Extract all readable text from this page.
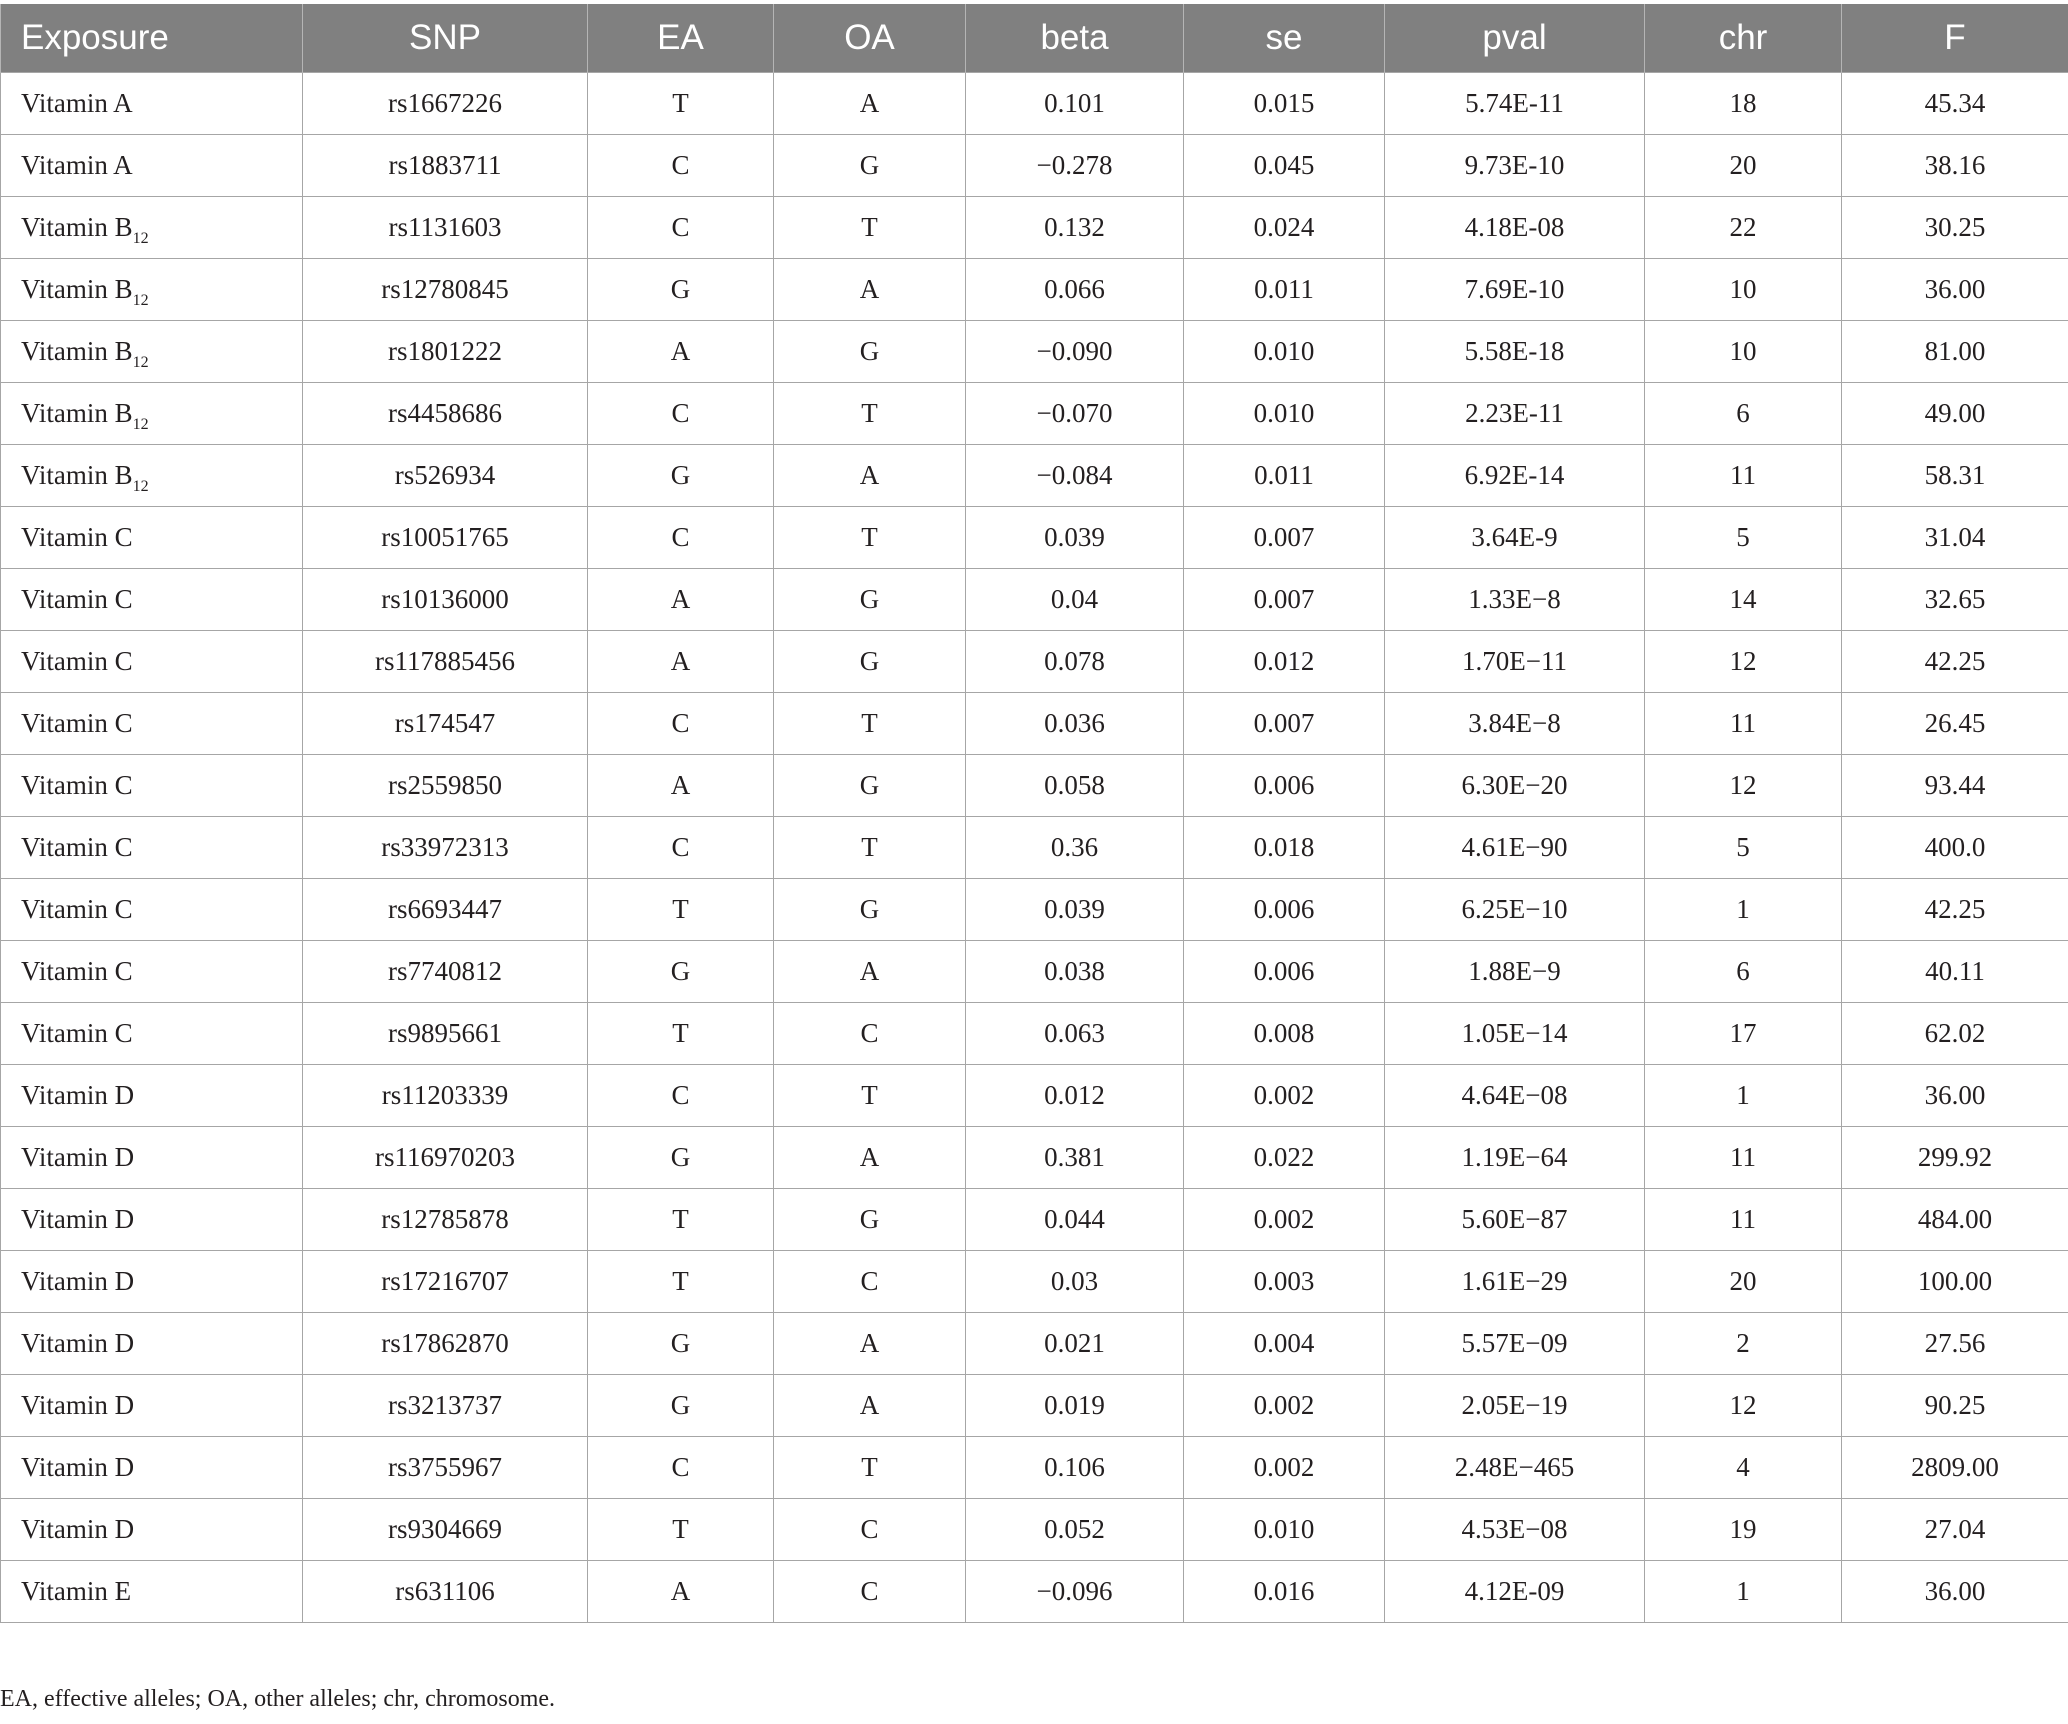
Exposure	SNP	EA	OA	beta	se	pval	chr	F
Vitamin A	rs1667226	T	A	0.101	0.015	5.74E-11	18	45.34
Vitamin A	rs1883711	C	G	−0.278	0.045	9.73E-10	20	38.16
Vitamin $B_{12}$	rs1131603	C	T	0.132	0.024	4.18E-08	22	30.25
Vitamin $B_{12}$	rs12780845	G	A	0.066	0.011	7.69E-10	10	36.00
Vitamin $B_{12}$	rs1801222	A	G	−0.090	0.010	5.58E-18	10	81.00
Vitamin $B_{12}$	rs4458686	C	T	−0.070	0.010	2.23E-11	6	49.00
Vitamin $B_{12}$	rs526934	G	A	−0.084	0.011	6.92E-14	11	58.31
Vitamin C	rs10051765	C	T	0.039	0.007	3.64E-9	5	31.04
Vitamin C	rs10136000	A	G	0.04	0.007	1.33E−8	14	32.65
Vitamin C	rs117885456	A	G	0.078	0.012	1.70E−11	12	42.25
Vitamin C	rs174547	C	T	0.036	0.007	3.84E−8	11	26.45
Vitamin C	rs2559850	A	G	0.058	0.006	6.30E−20	12	93.44
Vitamin C	rs33972313	C	T	0.36	0.018	4.61E−90	5	400.0
Vitamin C	rs6693447	T	G	0.039	0.006	6.25E−10	1	42.25
Vitamin C	rs7740812	G	A	0.038	0.006	1.88E−9	6	40.11
Vitamin C	rs9895661	T	C	0.063	0.008	1.05E−14	17	62.02
Vitamin D	rs11203339	C	T	0.012	0.002	4.64E−08	1	36.00
Vitamin D	rs116970203	G	A	0.381	0.022	1.19E−64	11	299.92
Vitamin D	rs12785878	T	G	0.044	0.002	5.60E−87	11	484.00
Vitamin D	rs17216707	T	C	0.03	0.003	1.61E−29	20	100.00
Vitamin D	rs17862870	G	A	0.021	0.004	5.57E−09	2	27.56
Vitamin D	rs3213737	G	A	0.019	0.002	2.05E−19	12	90.25
Vitamin D	rs3755967	C	T	0.106	0.002	2.48E−465	4	2809.00
Vitamin D	rs9304669	T	C	0.052	0.010	4.53E−08	19	27.04
Vitamin E	rs631106	A	C	−0.096	0.016	4.12E-09	1	36.00
EA, effective alleles; OA, other alleles; chr, chromosome.
